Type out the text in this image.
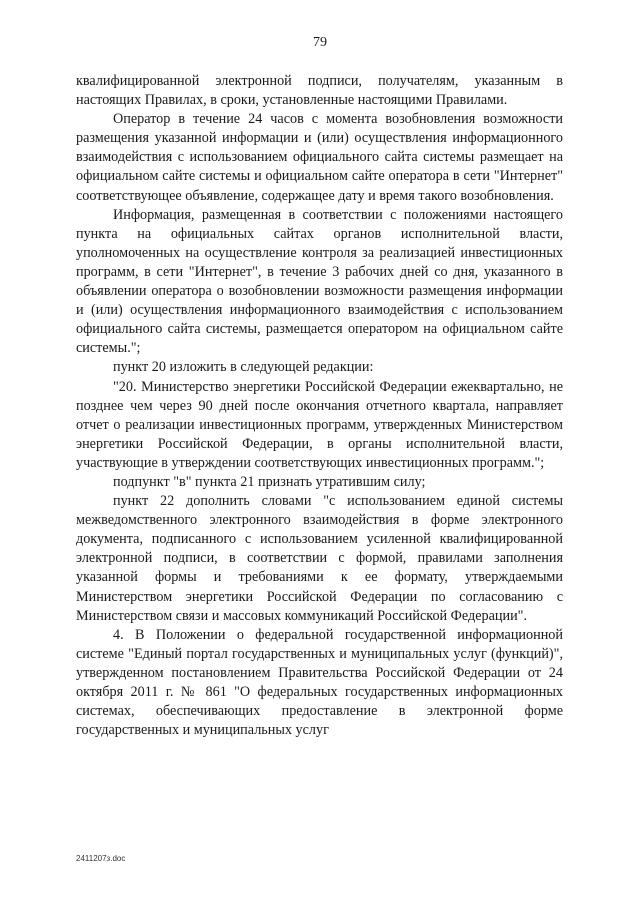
79

квалифицированной электронной подписи, получателям, указанным в настоящих Правилах, в сроки, установленные настоящими Правилами.

Оператор в течение 24 часов с момента возобновления возможности размещения указанной информации и (или) осуществления информационного взаимодействия с использованием официального сайта системы размещает на официальном сайте системы и официальном сайте оператора в сети "Интернет" соответствующее объявление, содержащее дату и время такого возобновления.

Информация, размещенная в соответствии с положениями настоящего пункта на официальных сайтах органов исполнительной власти, уполномоченных на осуществление контроля за реализацией инвестиционных программ, в сети "Интернет", в течение 3 рабочих дней со дня, указанного в объявлении оператора о возобновлении возможности размещения информации и (или) осуществления информационного взаимодействия с использованием официального сайта системы, размещается оператором на официальном сайте системы.";

пункт 20 изложить в следующей редакции:

"20. Министерство энергетики Российской Федерации ежеквартально, не позднее чем через 90 дней после окончания отчетного квартала, направляет отчет о реализации инвестиционных программ, утвержденных Министерством энергетики Российской Федерации, в органы исполнительной власти, участвующие в утверждении соответствующих инвестиционных программ.";

подпункт "в" пункта 21 признать утратившим силу;

пункт 22 дополнить словами "с использованием единой системы межведомственного электронного взаимодействия в форме электронного документа, подписанного с использованием усиленной квалифицированной электронной подписи, в соответствии с формой, правилами заполнения указанной формы и требованиями к ее формату, утверждаемыми Министерством энергетики Российской Федерации по согласованию с Министерством связи и массовых коммуникаций Российской Федерации".

4. В Положении о федеральной государственной информационной системе "Единый портал государственных и муниципальных услуг (функций)", утвержденном постановлением Правительства Российской Федерации от 24 октября 2011 г. № 861 "О федеральных государственных информационных системах, обеспечивающих предоставление в электронной форме государственных и муниципальных услуг

2411207з.doc
